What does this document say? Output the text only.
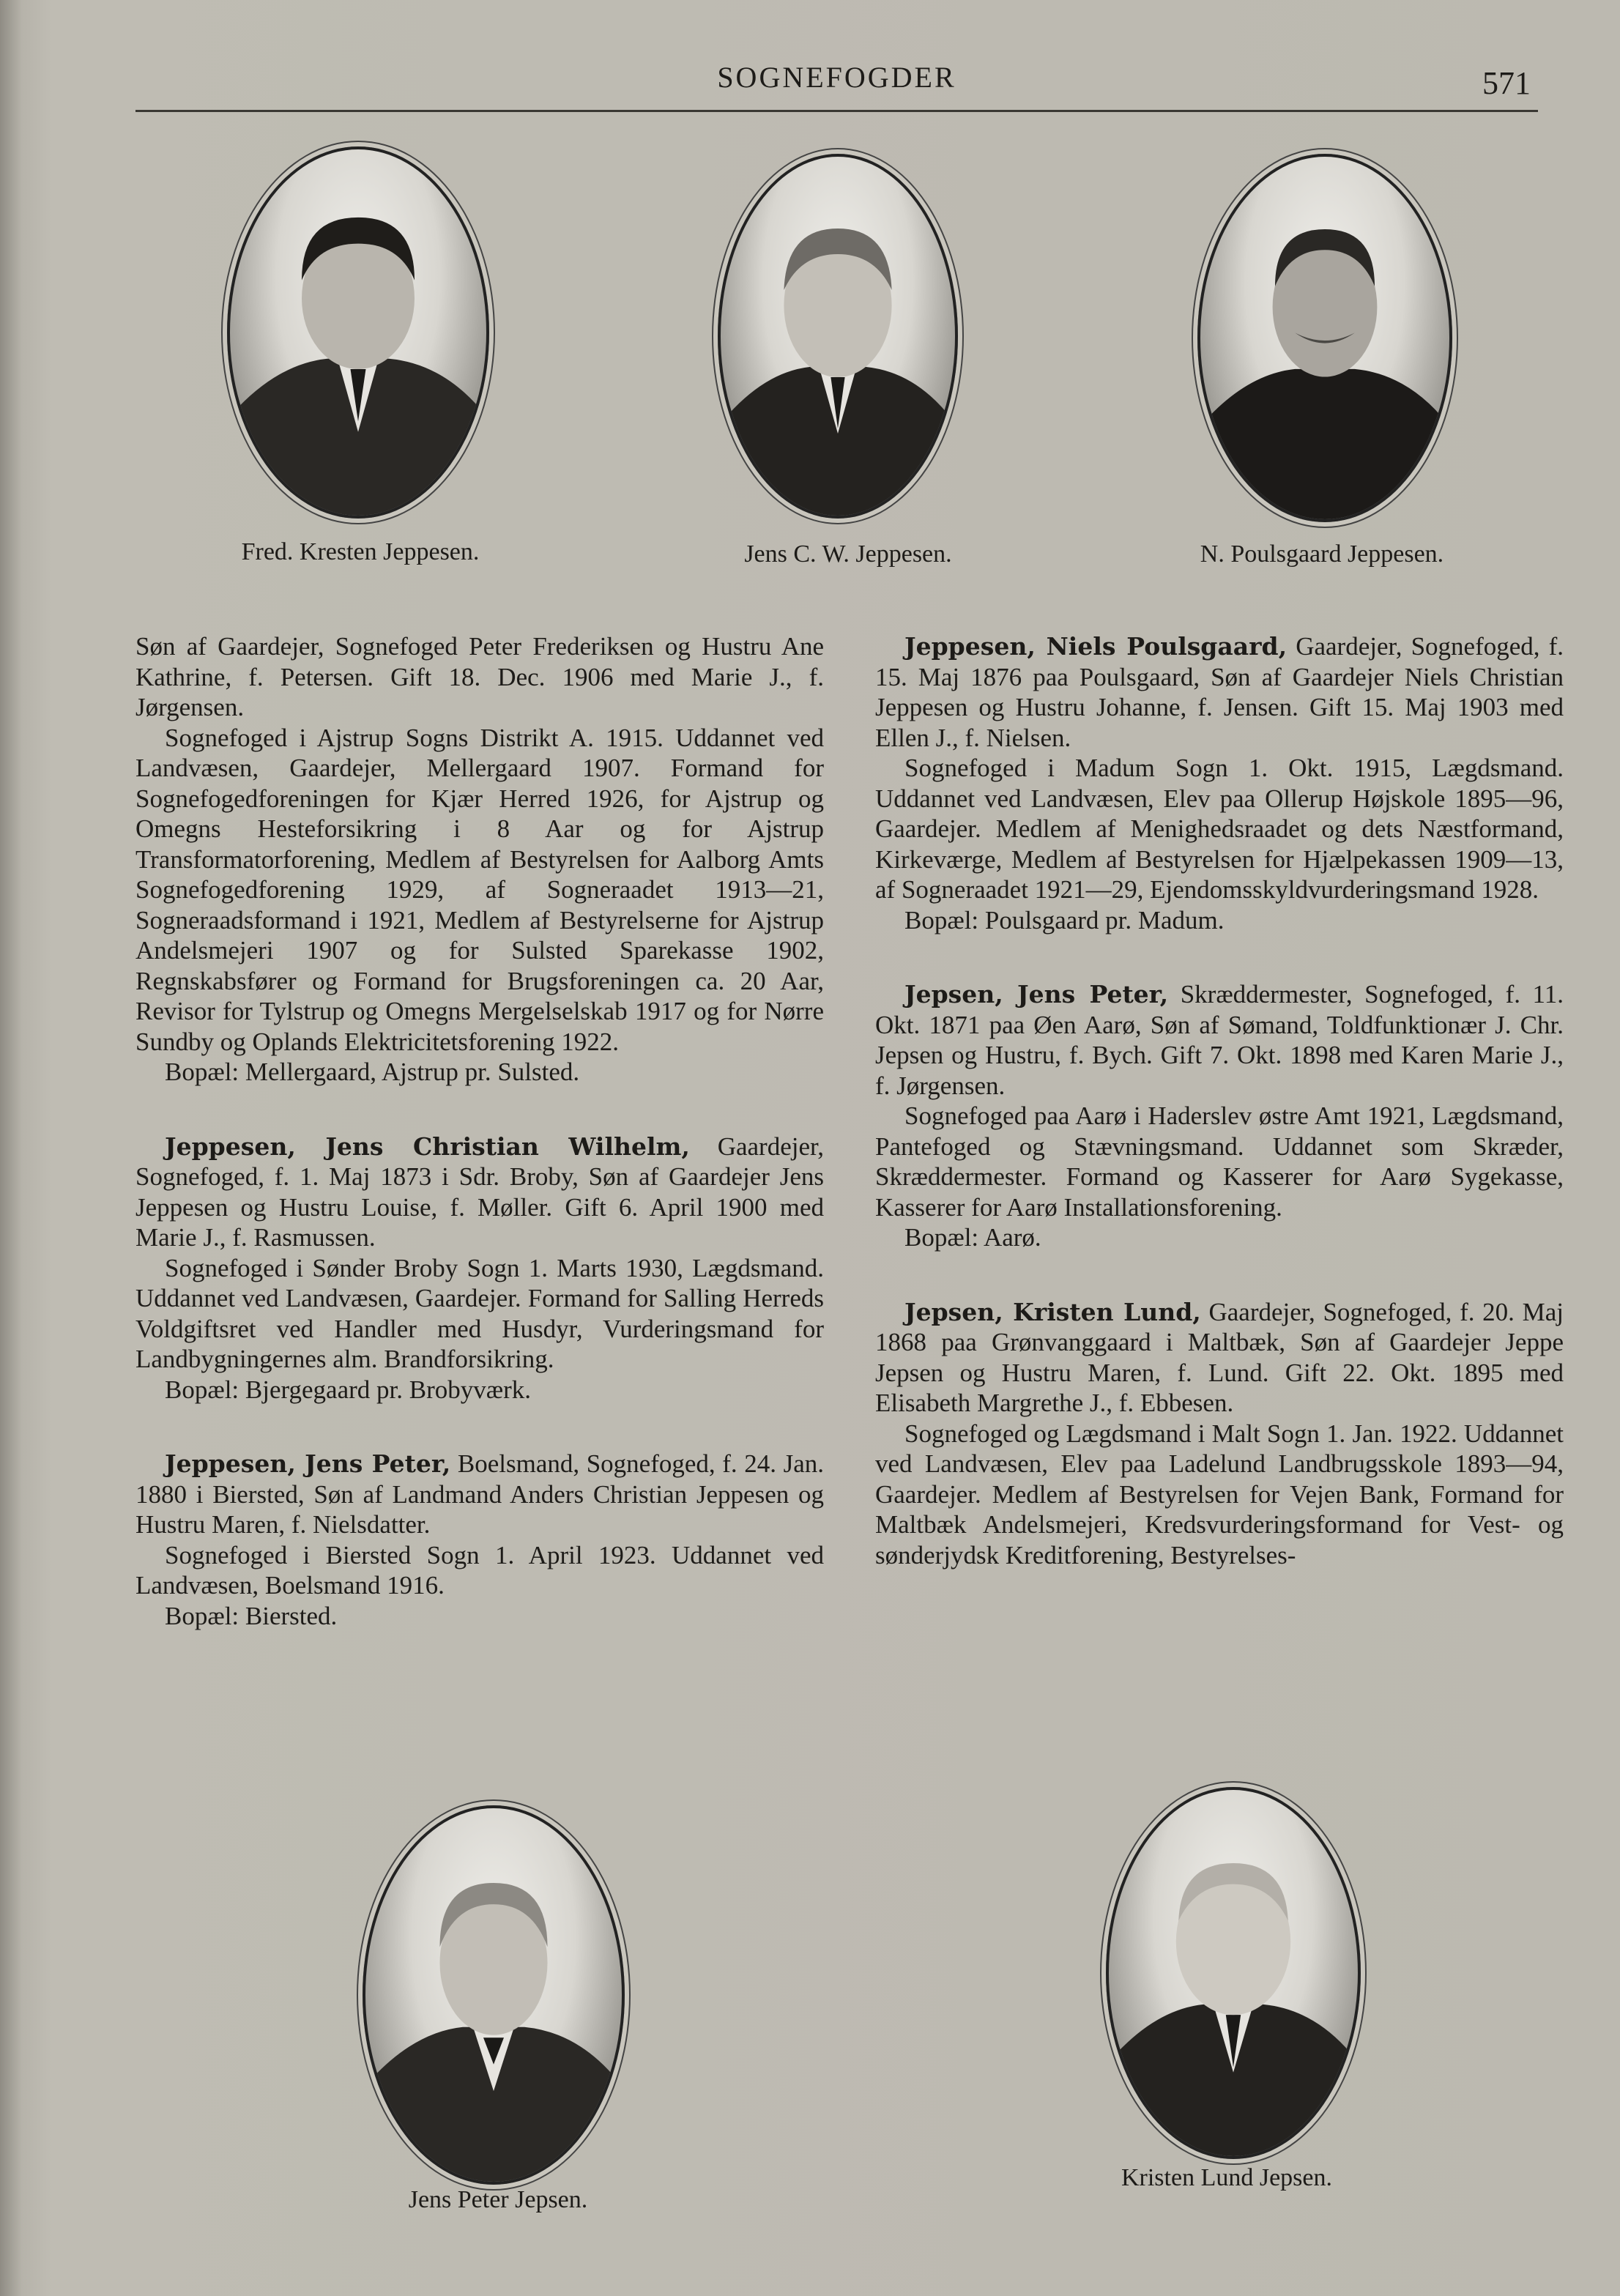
SOGNEFOGDER	571
Fred. Kresten Jeppesen.	Jens C. W. Jeppesen.	N. Poulsgaard Jeppesen.

Søn af Gaardejer, Sognefoged Peter Frederiksen og Hustru Ane Kathrine, f. Petersen. Gift 18. Dec. 1906 med Marie J., f. Jørgensen.

Sognefoged i Ajstrup Sogns Distrikt A. 1915. Uddannet ved Landvæsen, Gaardejer, Mellergaard 1907. Formand for Sognefogedforeningen for Kjær Herred 1926, for Ajstrup og Omegns Hesteforsikring i 8 Aar og for Ajstrup Transformatorforening, Medlem af Bestyrelsen for Aalborg Amts Sognefogedforening 1929, af Sogneraadet 1913—21, Sogneraadsformand i 1921, Medlem af Bestyrelserne for Ajstrup Andelsmejeri 1907 og for Sulsted Sparekasse 1902, Regnskabsfører og Formand for Brugsforeningen ca. 20 Aar, Revisor for Tylstrup og Omegns Mergelselskab 1917 og for Nørre Sundby og Oplands Elektricitetsforening 1922.

Bopæl: Mellergaard, Ajstrup pr. Sulsted.

Jeppesen, Jens Christian Wilhelm, Gaardejer, Sognefoged, f. 1. Maj 1873 i Sdr. Broby, Søn af Gaardejer Jens Jeppesen og Hustru Louise, f. Møller. Gift 6. April 1900 med Marie J., f. Rasmussen.

Sognefoged i Sønder Broby Sogn 1. Marts 1930, Lægdsmand. Uddannet ved Landvæsen, Gaardejer. Formand for Salling Herreds Voldgiftsret ved Handler med Husdyr, Vurderingsmand for Landbygningernes alm. Brandforsikring.

Bopæl: Bjergegaard pr. Brobyværk.

Jeppesen, Jens Peter, Boelsmand, Sognefoged, f. 24. Jan. 1880 i Biersted, Søn af Landmand Anders Christian Jeppesen og Hustru Maren, f. Nielsdatter.

Sognefoged i Biersted Sogn 1. April 1923. Uddannet ved Landvæsen, Boelsmand 1916.

Bopæl: Biersted.

Jeppesen, Niels Poulsgaard, Gaardejer, Sognefoged, f. 15. Maj 1876 paa Poulsgaard, Søn af Gaardejer Niels Christian Jeppesen og Hustru Johanne, f. Jensen. Gift 15. Maj 1903 med Ellen J., f. Nielsen.

Sognefoged i Madum Sogn 1. Okt. 1915, Lægdsmand. Uddannet ved Landvæsen, Elev paa Ollerup Højskole 1895—96, Gaardejer. Medlem af Menighedsraadet og dets Næstformand, Kirkeværge, Medlem af Bestyrelsen for Hjælpekassen 1909—13, af Sogneraadet 1921—29, Ejendomsskyldvurderingsmand 1928.

Bopæl: Poulsgaard pr. Madum.

Jepsen, Jens Peter, Skræddermester, Sognefoged, f. 11. Okt. 1871 paa Øen Aarø, Søn af Sømand, Toldfunktionær J. Chr. Jepsen og Hustru, f. Bych. Gift 7. Okt. 1898 med Karen Marie J., f. Jørgensen.

Sognefoged paa Aarø i Haderslev østre Amt 1921, Lægdsmand, Pantefoged og Stævningsmand. Uddannet som Skræder, Skræddermester. Formand og Kasserer for Aarø Sygekasse, Kasserer for Aarø Installationsforening.

Bopæl: Aarø.

Jepsen, Kristen Lund, Gaardejer, Sognefoged, f. 20. Maj 1868 paa Grønvanggaard i Maltbæk, Søn af Gaardejer Jeppe Jepsen og Hustru Maren, f. Lund. Gift 22. Okt. 1895 med Elisabeth Margrethe J., f. Ebbesen.

Sognefoged og Lægdsmand i Malt Sogn 1. Jan. 1922. Uddannet ved Landvæsen, Elev paa Ladelund Landbrugsskole 1893—94, Gaardejer. Medlem af Bestyrelsen for Vejen Bank, Formand for Maltbæk Andelsmejeri, Kredsvurderingsformand for Vest- og sønderjydsk Kreditforening, Bestyrelses-

Jens Peter Jepsen.
Kristen Lund Jepsen.
